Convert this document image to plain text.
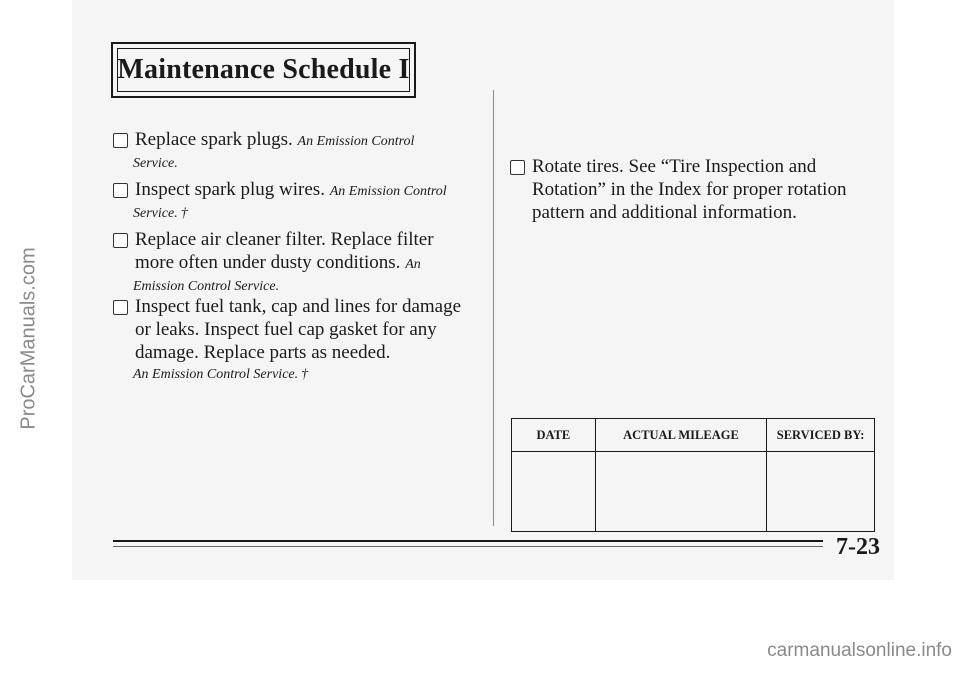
Maintenance Schedule I
Replace spark plugs. An Emission Control
Service.
Inspect spark plug wires. An Emission Control
Service. †
Replace air cleaner filter. Replace filter
more often under dusty conditions. An
Emission Control Service.
Inspect fuel tank, cap and lines for damage
or leaks. Inspect fuel cap gasket for any
damage. Replace parts as needed.
An Emission Control Service. †
Rotate tires. See “Tire Inspection and
Rotation” in the Index for proper rotation
pattern and additional information.
DATE	ACTUAL MILEAGE	SERVICED BY:

7-23
ProCarManuals.com
carmanualsonline.info
